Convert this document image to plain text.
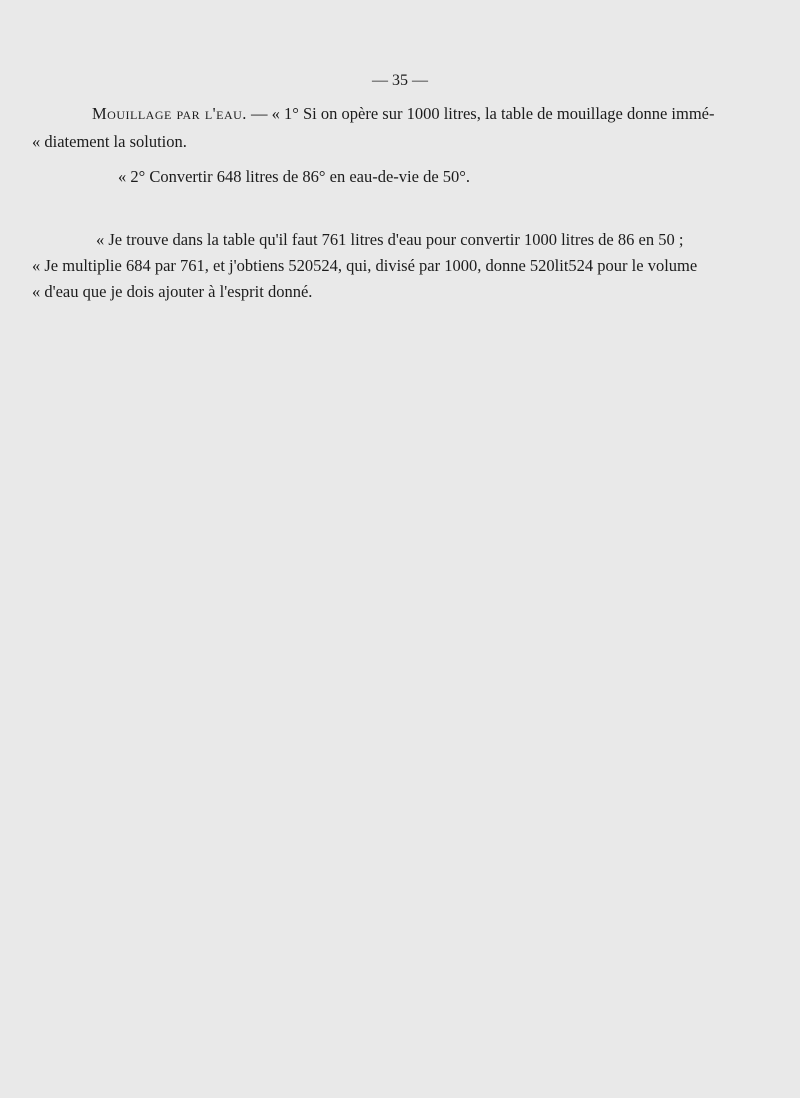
— 35 —
Mouillage par l'eau. — « 1° Si on opère sur 1000 litres, la table de mouillage donne immé-
« diatement la solution.
« 2° Convertir 648 litres de 86° en eau-de-vie de 50°.
« Je trouve dans la table qu'il faut 761 litres d'eau pour convertir 1000 litres de 86 en 50 ;
« Je multiplie 684 par 761, et j'obtiens 520524, qui, divisé par 1000, donne 520lit524 pour le volume
« d'eau que je dois ajouter à l'esprit donné.
